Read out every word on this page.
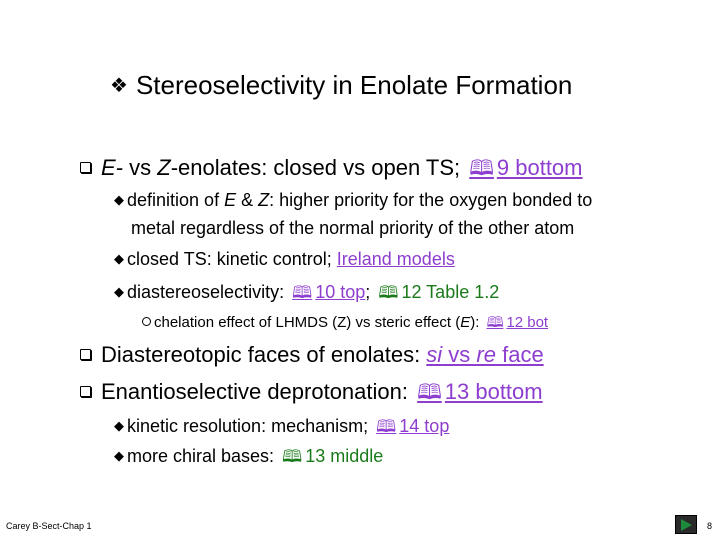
❖ Stereoselectivity in Enolate Formation
E- vs Z-enolates: closed vs open TS; 🕮 9 bottom
◆ definition of E & Z: higher priority for the oxygen bonded to
metal regardless of the normal priority of the other atom
◆ closed TS: kinetic control; Ireland models
◆ diastereoselectivity: 🕮 10 top; 🕮 12 Table 1.2
chelation effect of LHMDS (Z) vs steric effect (E): 🕮 12 bot
Diastereotopic faces of enolates: si vs re face
Enantioselective deprotonation: 🕮 13 bottom
◆ kinetic resolution: mechanism; 🕮 14 top
◆ more chiral bases: 🕮 13 middle
Carey B-Sect-Chap 1	8
